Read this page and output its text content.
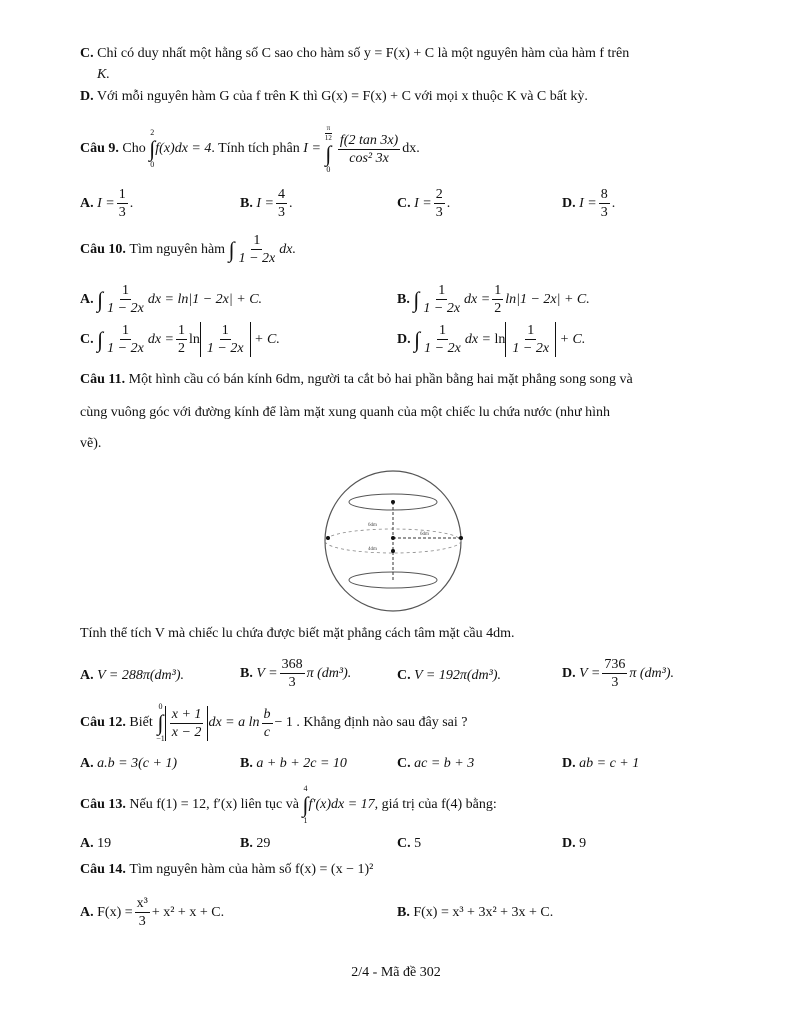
C. Chỉ có duy nhất một hằng số C sao cho hàm số y = F(x) + C là một nguyên hàm của hàm f trên
K.
D. Với mỗi nguyên hàm G của f trên K thì G(x) = F(x) + C với mọi x thuộc K và C bất kỳ.
Câu 9.
Cho

2
∫
0
f(x)dx = 4 . Tính tích phân
I =
$\frac{\pi}{12}$
∫
0
$\frac{f(2 \tan 3x)}{\text{cos² 3x}}$ dx.
A.
$I = \frac{1}{3}$ .	B.
$I = \frac{4}{3}$ .	C.
$I = \frac{2}{3}$ .	D.
$I = \frac{8}{3}$ .
Câu 10.
Tìm nguyên hàm
∫ $\frac{1}{1 - 2x}$ dx.
A.
∫ $\frac{1}{1 - 2x}$ dx
= ln|1 − 2x| + C.	B.
∫ $\frac{1}{1 - 2x}$ dx = $\frac{1}{2} \ln|1 - 2x| + C$.
C.
∫ $\frac{1}{1 - 2x}$ dx = $\frac{1}{2}$ $\ln \frac{1}{1 - 2x}$
+ C.	D.
∫ $\frac{1}{1 - 2x}$ dx =
$\ln \frac{1}{1 - 2x}$
+ C.
Câu 11. Một hình cầu có bán kính 6dm, người ta cắt bỏ hai phần bằng hai mặt phẳng song song và
cùng vuông góc với đường kính để làm mặt xung quanh của một chiếc lu chứa nước (như hình
vẽ).
6dm
6dm
4dm
Tính thể tích V mà chiếc lu chứa được biết mặt phẳng cách tâm mặt cầu 4dm.
A.
V = 288π(dm³).	B.
$V = \frac{368}{3}$ π (dm³).	C.
V = 192π(dm³).	D.
$V = \frac{736}{3}$ π (dm³).
Câu 12.
Biết

0
∫
$-1 \frac{x + 1}{x - 2}$ dx = a $\ln \frac{b}{c} - 1$ . Khẳng định nào sau đây sai ?
A. a.b = 3(c + 1)	B. a + b + 2c = 10	C. ac = b + 3	D. ab = c + 1
Câu 13.
Nếu f(1) = 12, f′(x) liên tục và

4
∫
1
f′(x)dx = 17 , giá trị của f(4) bằng:
A. 19	B. 29	C. 5	D. 9
Câu 14. Tìm nguyên hàm của hàm số f(x) = (x − 1)²
A.
$F(x) = \frac{\text{x³}}{3} + x^2 + x + C$.	B.
F(x) = x³ + 3x² + 3x + C.
2/4 - Mã đề 302
